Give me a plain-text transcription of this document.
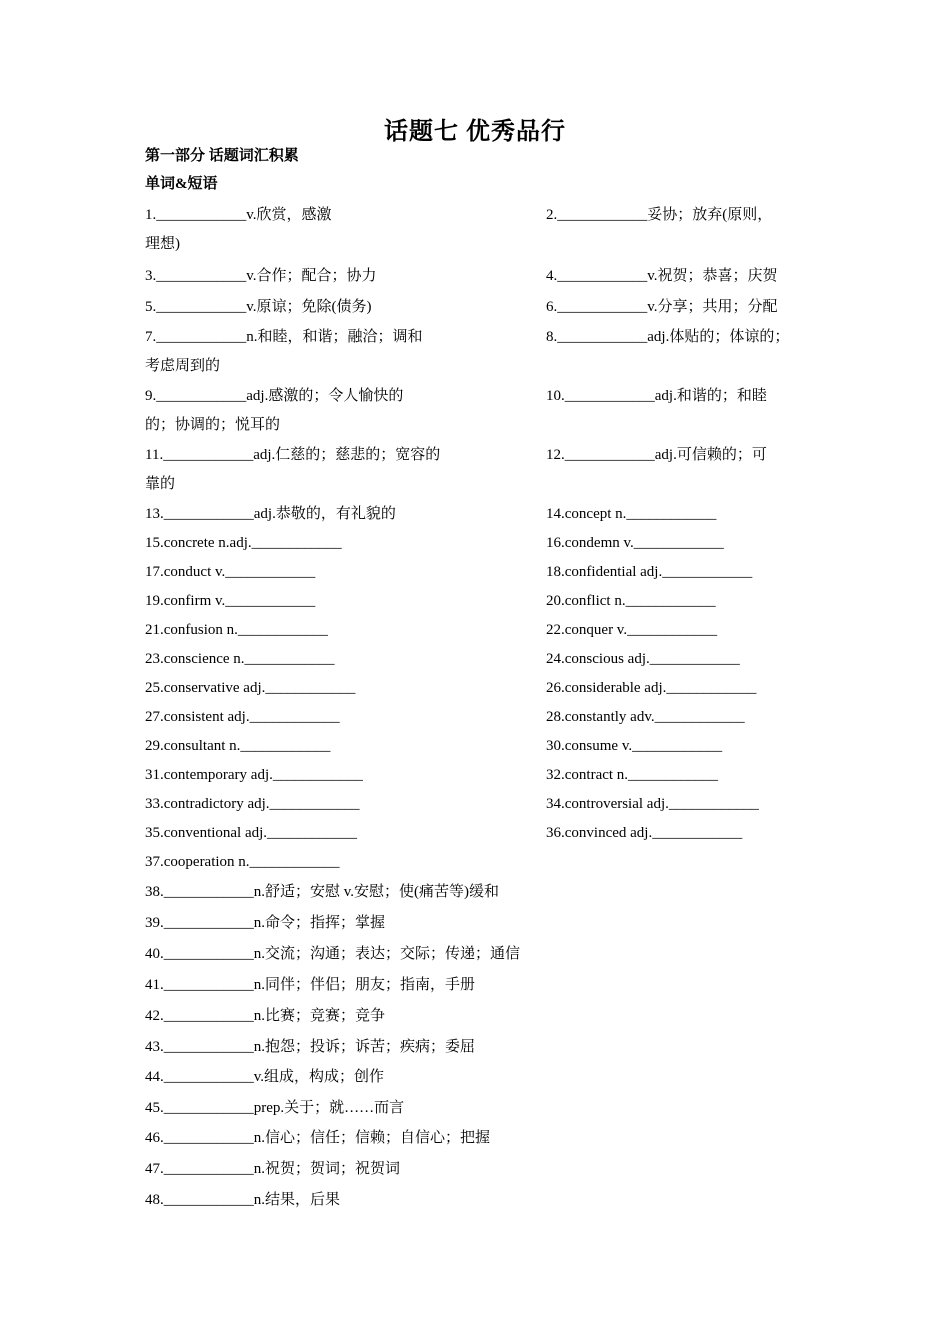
话题七 优秀品行
第一部分 话题词汇积累
单词&短语
1.____________v.欣赏，感激	2.____________妥协；放弃(原则，
理想)
3.____________v.合作；配合；协力	4.____________v.祝贺；恭喜；庆贺
5.____________v.原谅；免除(债务)	6.____________v.分享；共用；分配
7.____________n.和睦，和谐；融洽；调和	8.____________adj.体贴的；体谅的；
考虑周到的
9.____________adj.感激的；令人愉快的	10.____________adj.和谐的；和睦
的；协调的；悦耳的
11.____________adj.仁慈的；慈悲的；宽容的	12.____________adj.可信赖的；可
靠的
13.____________adj.恭敬的，有礼貌的	14.concept n.____________
15.concrete n.adj.____________	16.condemn v.____________
17.conduct v.____________	18.confidential adj.____________
19.confirm v.____________	20.conflict n.____________
21.confusion n.____________	22.conquer v.____________
23.conscience n.____________	24.conscious adj.____________
25.conservative adj.____________	26.considerable adj.____________
27.consistent adj.____________	28.constantly adv.____________
29.consultant n.____________	30.consume v.____________
31.contemporary adj.____________	32.contract n.____________
33.contradictory adj.____________	34.controversial adj.____________
35.conventional adj.____________	36.convinced adj.____________
37.cooperation n.____________
38.____________n.舒适；安慰 v.安慰；使(痛苦等)缓和
39.____________n.命令；指挥；掌握
40.____________n.交流；沟通；表达；交际；传递；通信
41.____________n.同伴；伴侣；朋友；指南，手册
42.____________n.比赛；竞赛；竞争
43.____________n.抱怨；投诉；诉苦；疾病；委屈
44.____________v.组成，构成；创作
45.____________prep.关于；就……而言
46.____________n.信心；信任；信赖；自信心；把握
47.____________n.祝贺；贺词；祝贺词
48.____________n.结果，后果
